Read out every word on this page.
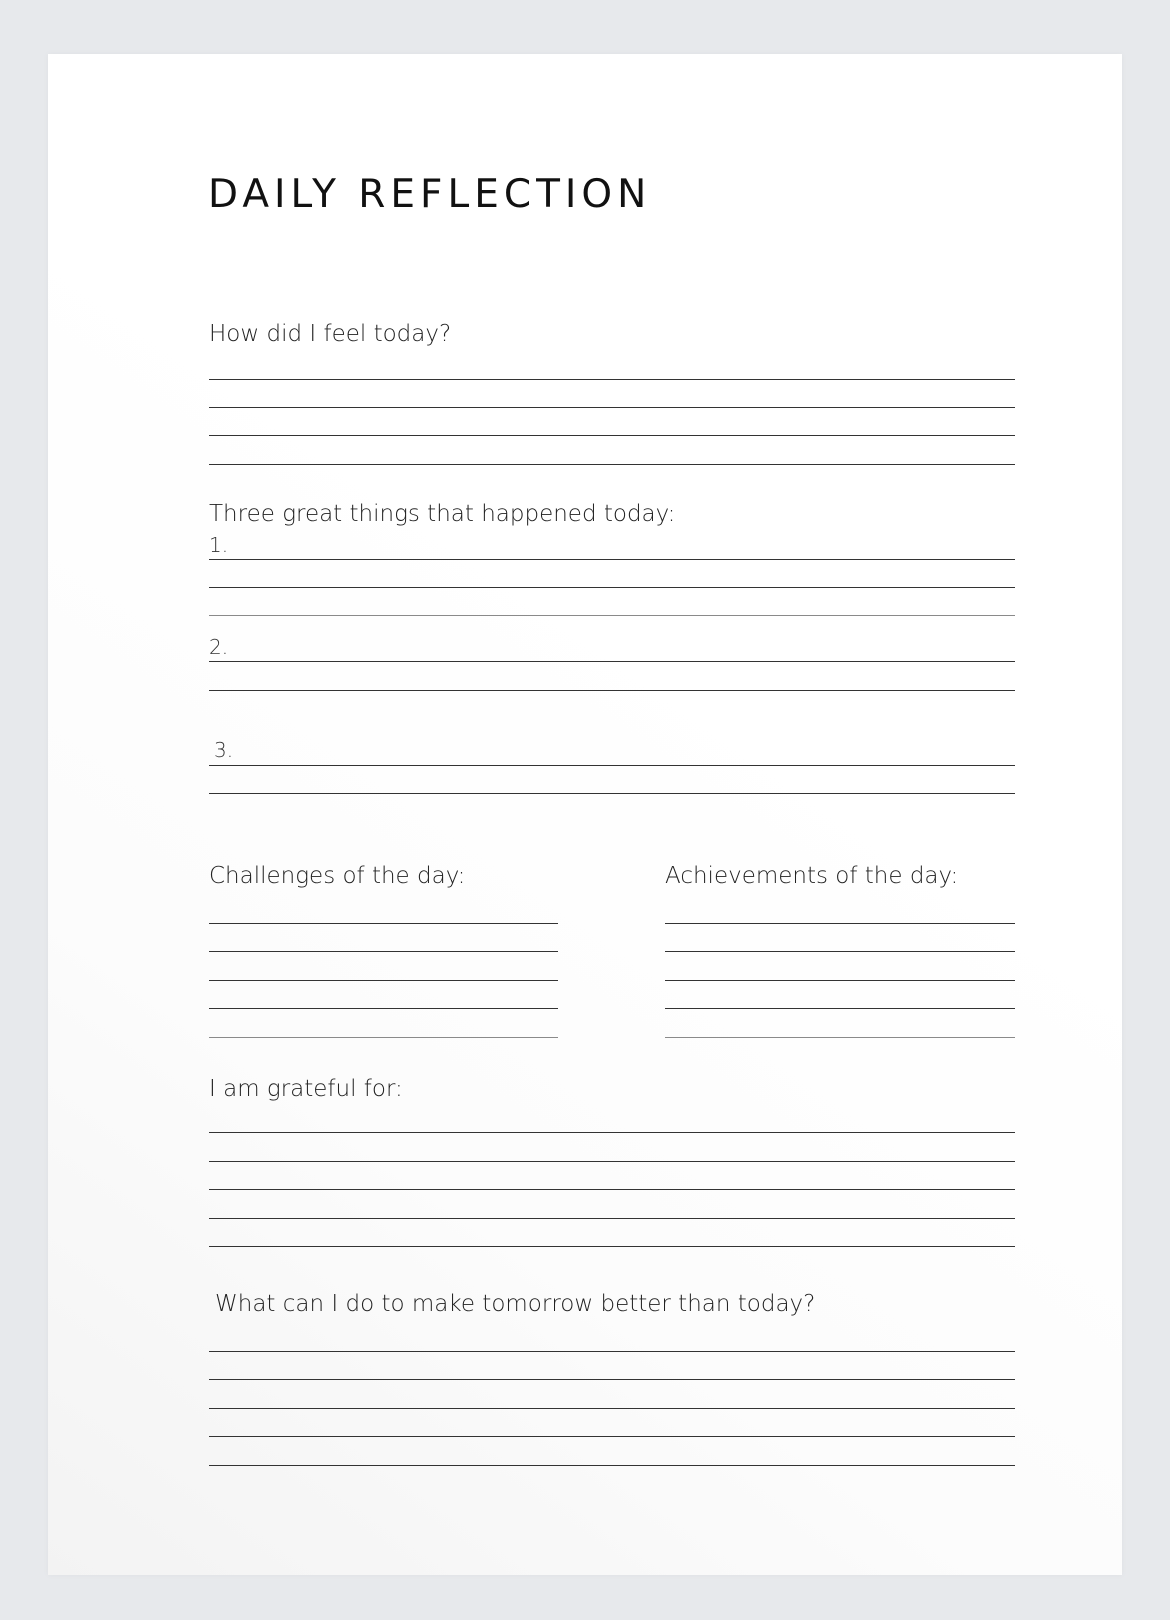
DAILY REFLECTION

How did I feel today?

Three great things that happened today:

1.

2.

3.

Challenges of the day:	Achievements of the day:

I am grateful for:

What can I do to make tomorrow better than today?
